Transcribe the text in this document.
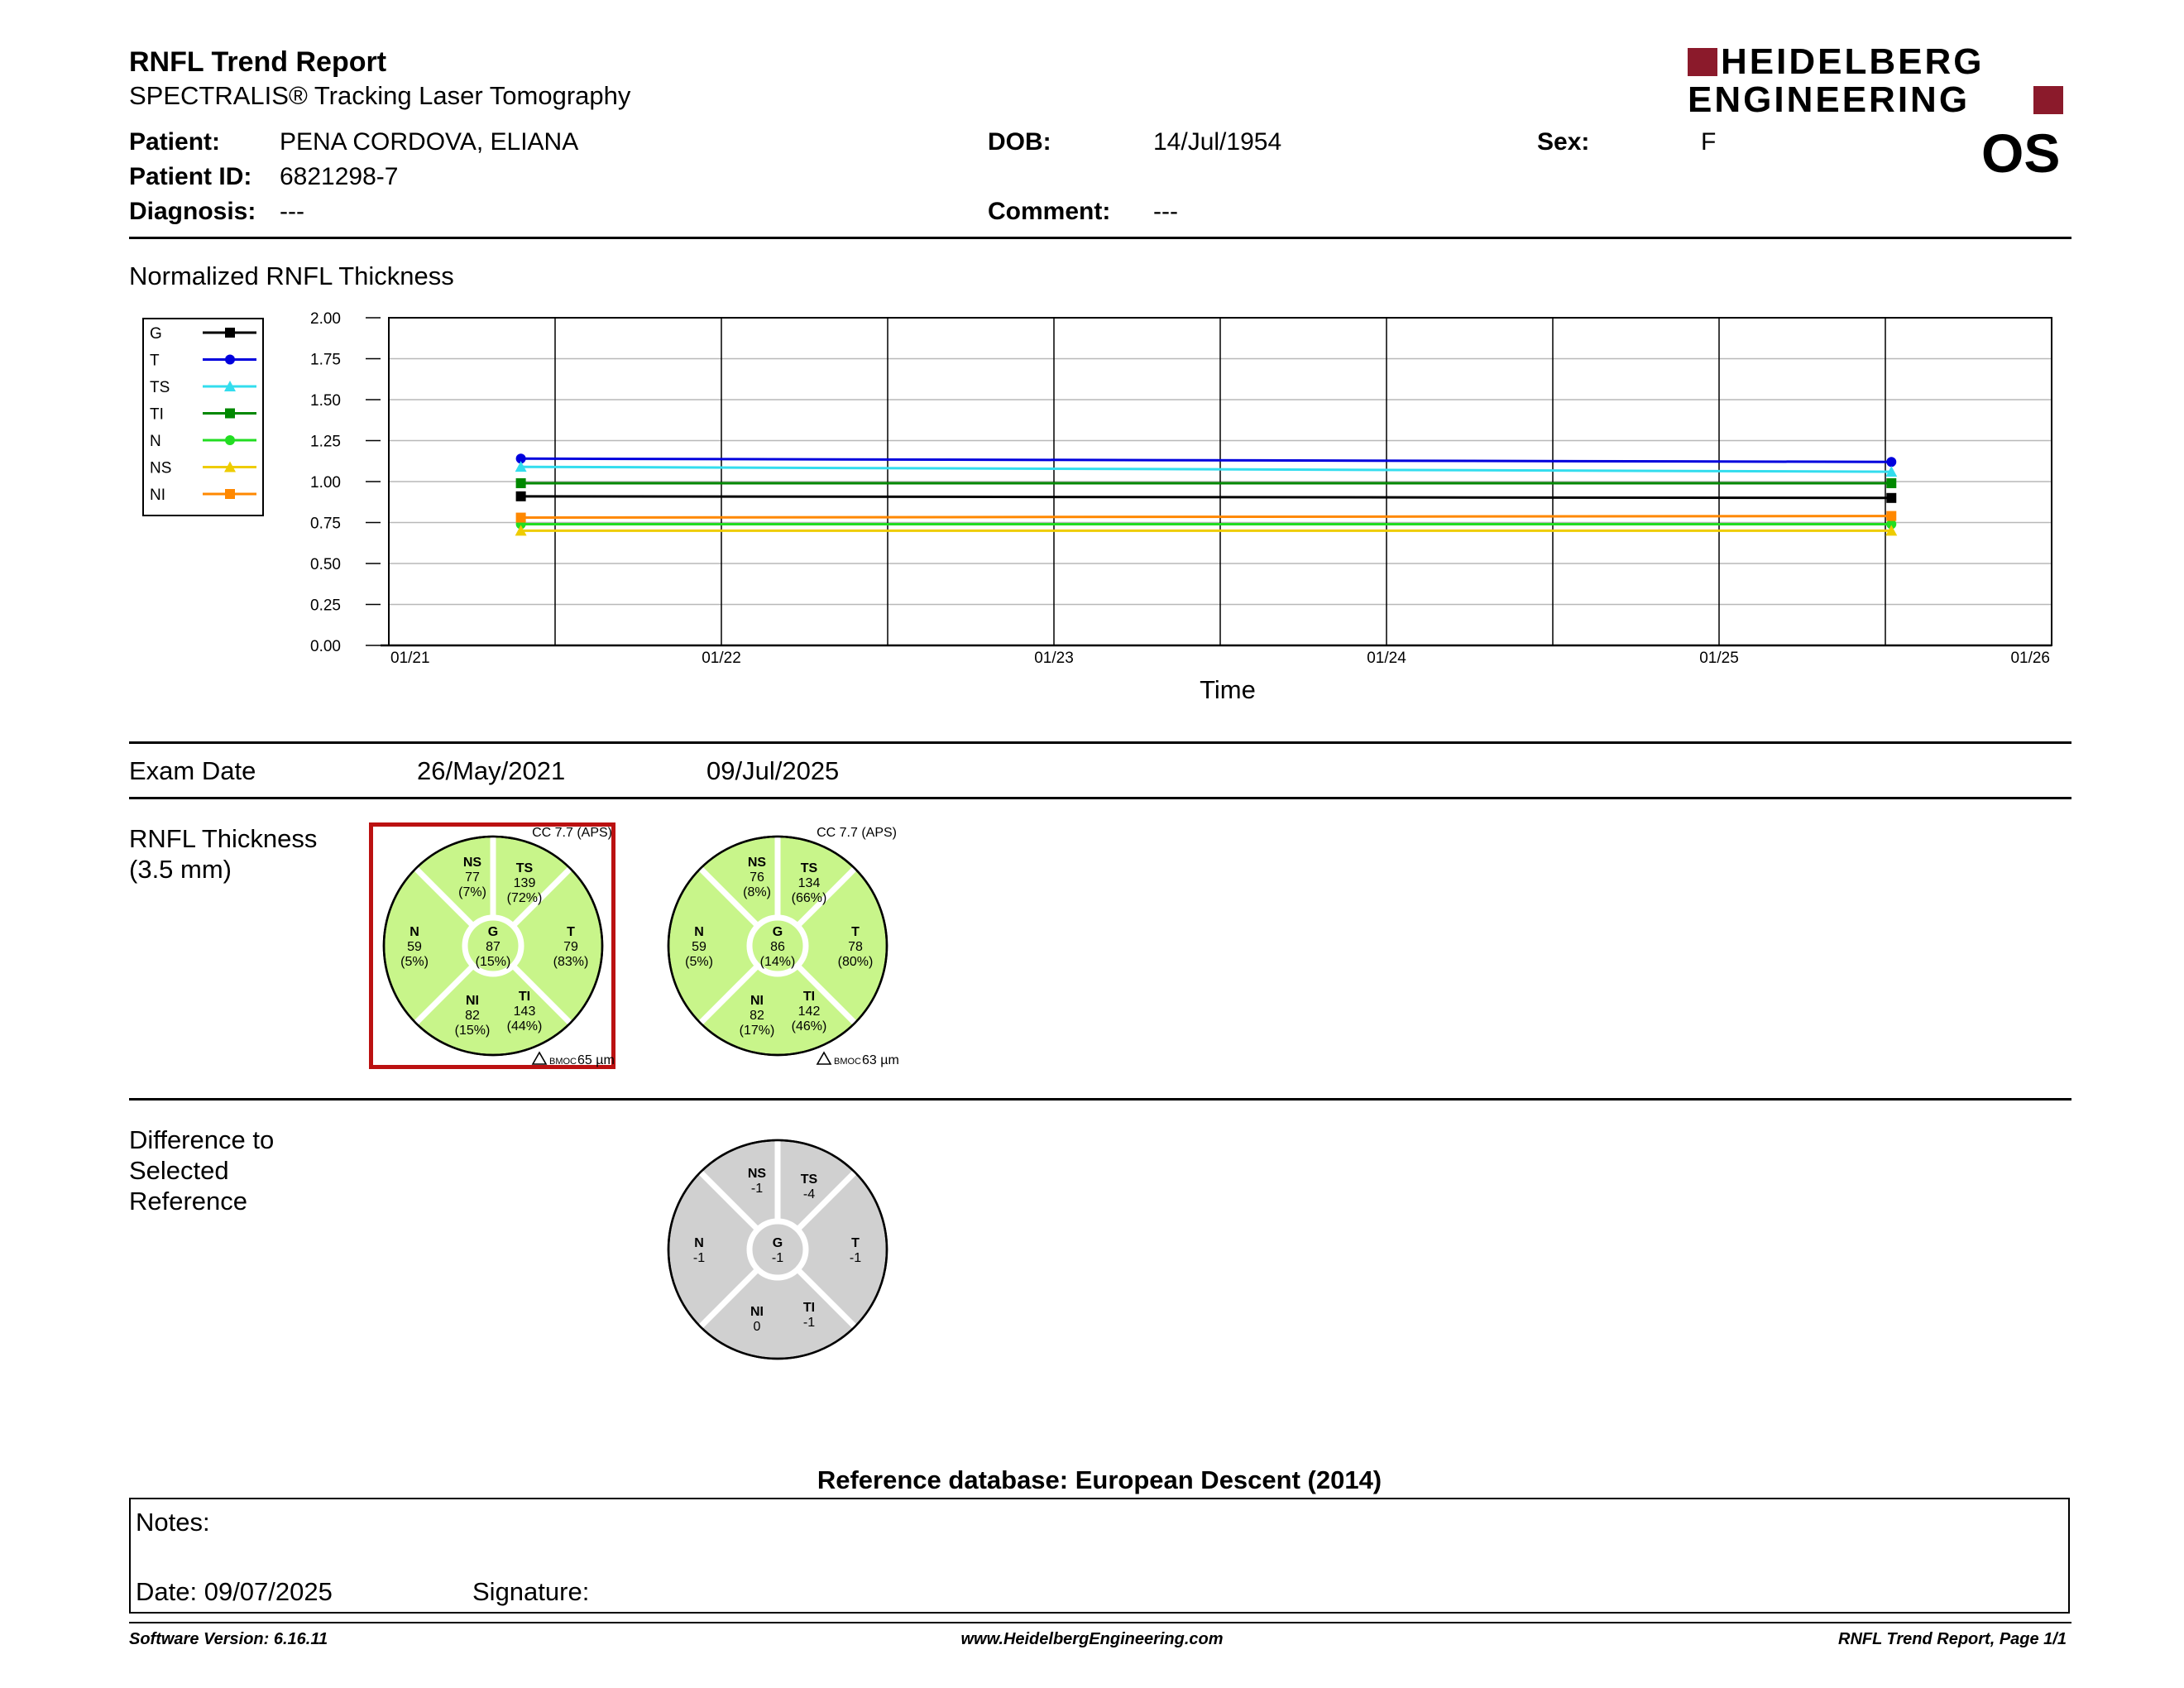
RNFL Trend Report
SPECTRALIS® Tracking Laser Tomography
HEIDELBERG
ENGINEERING
OS
Patient: PENA CORDOVA, ELIANA	DOB:	14/Jul/1954	Sex:	F
Patient ID: 6821298-7
Diagnosis: ---	Comment: ---
Normalized RNFL Thickness
G
T
TS
TI
N
NS
NI
0.00
0.25
0.50
0.75
1.00
1.25
1.50
1.75
2.00
01/21	01/22	01/23	01/24	01/25	01/26
Time
Exam Date	26/May/2021	09/Jul/2025
RNFL Thickness
(3.5 mm)	NS
77
(7%)
TS
139
(72%)
N
59
(5%)
G
87
(15%)
T
79
(83%)
NI
82
(15%)
TI
143
(44%)
CC 7.7 (APS)
BMOC 65 µm
NS
76
(8%)
TS
134
(66%)
N
59
(5%)
G
86
(14%)
T
78
(80%)
NI
82
(17%)
TI
142
(46%)
CC 7.7 (APS)
BMOC 63 µm
Difference to
Selected
Reference
NS
-1
TS
-4
N
-1
G
-1
T
-1
NI
0
TI
-1
Reference database: European Descent (2014)
Notes:
Date: 09/07/2025	Signature:
Software Version: 6.16.11	www.HeidelbergEngineering.com	RNFL Trend Report, Page 1/1
